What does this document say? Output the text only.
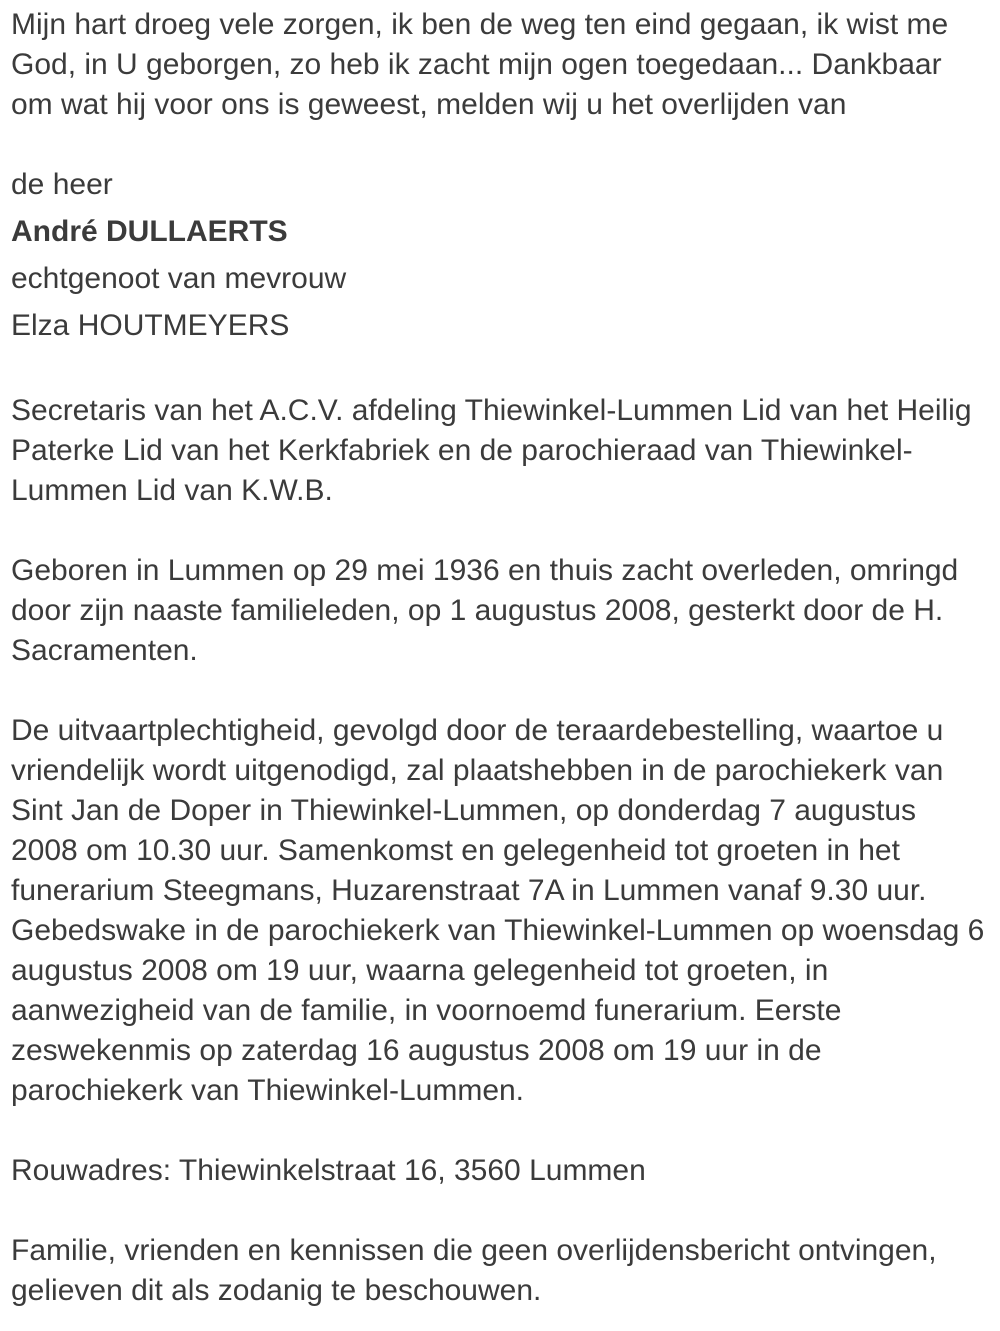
Mijn hart droeg vele zorgen, ik ben de weg ten eind gegaan, ik wist me God, in U geborgen, zo heb ik zacht mijn ogen toegedaan... Dankbaar om wat hij voor ons is geweest, melden wij u het overlijden van

de heer

André DULLAERTS

echtgenoot van mevrouw

Elza HOUTMEYERS

Secretaris van het A.C.V. afdeling Thiewinkel-Lummen Lid van het Heilig Paterke Lid van het Kerkfabriek en de parochieraad van Thiewinkel-Lummen Lid van K.W.B.

Geboren in Lummen op 29 mei 1936 en thuis zacht overleden, omringd door zijn naaste familieleden, op 1 augustus 2008, gesterkt door de H. Sacramenten.

De uitvaartplechtigheid, gevolgd door de teraardebestelling, waartoe u vriendelijk wordt uitgenodigd, zal plaatshebben in de parochiekerk van Sint Jan de Doper in Thiewinkel-Lummen, op donderdag 7 augustus 2008 om 10.30 uur. Samenkomst en gelegenheid tot groeten in het funerarium Steegmans, Huzarenstraat 7A in Lummen vanaf 9.30 uur. Gebedswake in de parochiekerk van Thiewinkel-Lummen op woensdag 6 augustus 2008 om 19 uur, waarna gelegenheid tot groeten, in aanwezigheid van de familie, in voornoemd funerarium. Eerste zeswekenmis op zaterdag 16 augustus 2008 om 19 uur in de parochiekerk van Thiewinkel-Lummen.

Rouwadres: Thiewinkelstraat 16, 3560 Lummen

Familie, vrienden en kennissen die geen overlijdensbericht ontvingen, gelieven dit als zodanig te beschouwen.
